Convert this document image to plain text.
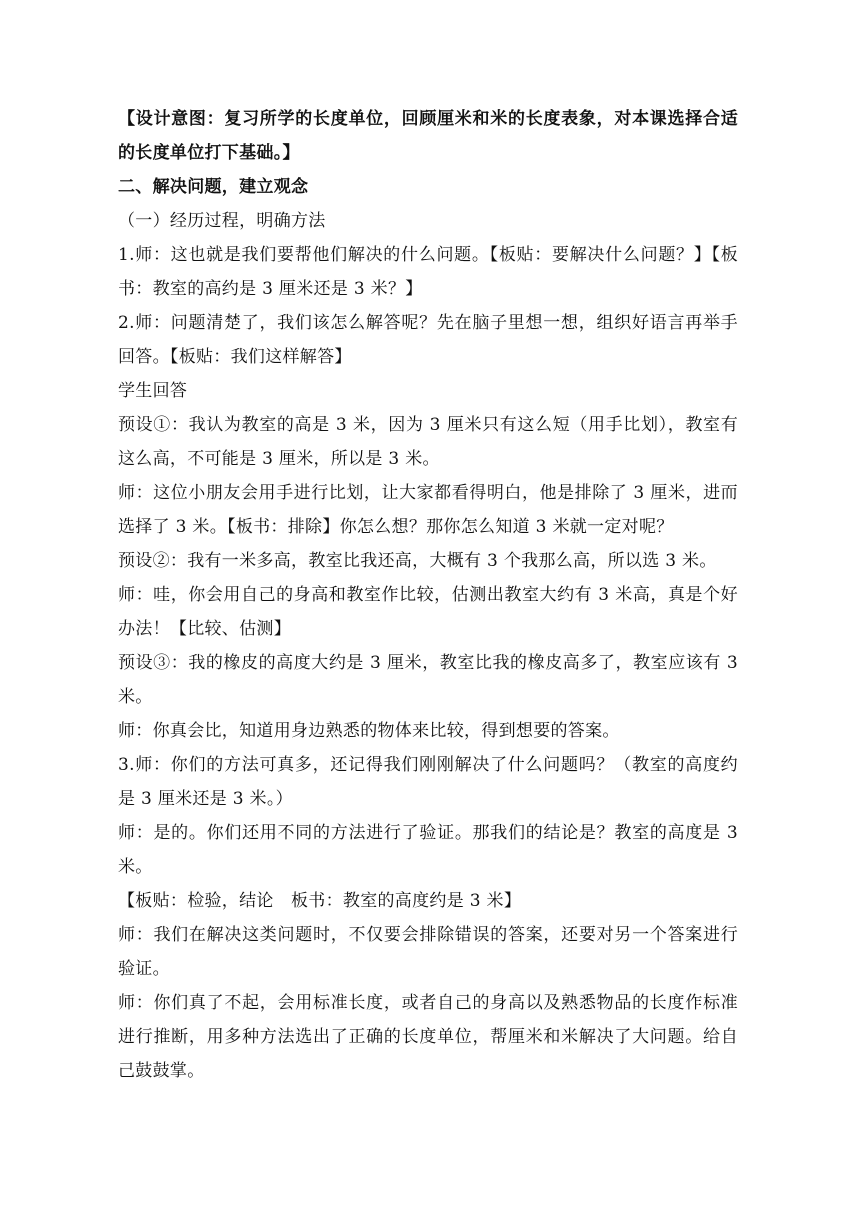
【设计意图：复习所学的长度单位，回顾厘米和米的长度表象，对本课选择合适的长度单位打下基础。】

二、解决问题，建立观念

（一）经历过程，明确方法

1.师：这也就是我们要帮他们解决的什么问题。【板贴：要解决什么问题？】【板书：教室的高约是 3 厘米还是 3 米？】

2.师：问题清楚了，我们该怎么解答呢？先在脑子里想一想，组织好语言再举手回答。【板贴：我们这样解答】

学生回答

预设①：我认为教室的高是 3 米，因为 3 厘米只有这么短（用手比划），教室有这么高，不可能是 3 厘米，所以是 3 米。

师：这位小朋友会用手进行比划，让大家都看得明白，他是排除了 3 厘米，进而选择了 3 米。【板书：排除】你怎么想？那你怎么知道 3 米就一定对呢？

预设②：我有一米多高，教室比我还高，大概有 3 个我那么高，所以选 3 米。

师：哇，你会用自己的身高和教室作比较，估测出教室大约有 3 米高，真是个好办法！【比较、估测】

预设③：我的橡皮的高度大约是 3 厘米，教室比我的橡皮高多了，教室应该有 3 米。

师：你真会比，知道用身边熟悉的物体来比较，得到想要的答案。

3.师：你们的方法可真多，还记得我们刚刚解决了什么问题吗？（教室的高度约是 3 厘米还是 3 米。）

师：是的。你们还用不同的方法进行了验证。那我们的结论是？教室的高度是 3 米。

【板贴：检验，结论　板书：教室的高度约是 3 米】

师：我们在解决这类问题时，不仅要会排除错误的答案，还要对另一个答案进行验证。

师：你们真了不起，会用标准长度，或者自己的身高以及熟悉物品的长度作标准进行推断，用多种方法选出了正确的长度单位，帮厘米和米解决了大问题。给自己鼓鼓掌。
